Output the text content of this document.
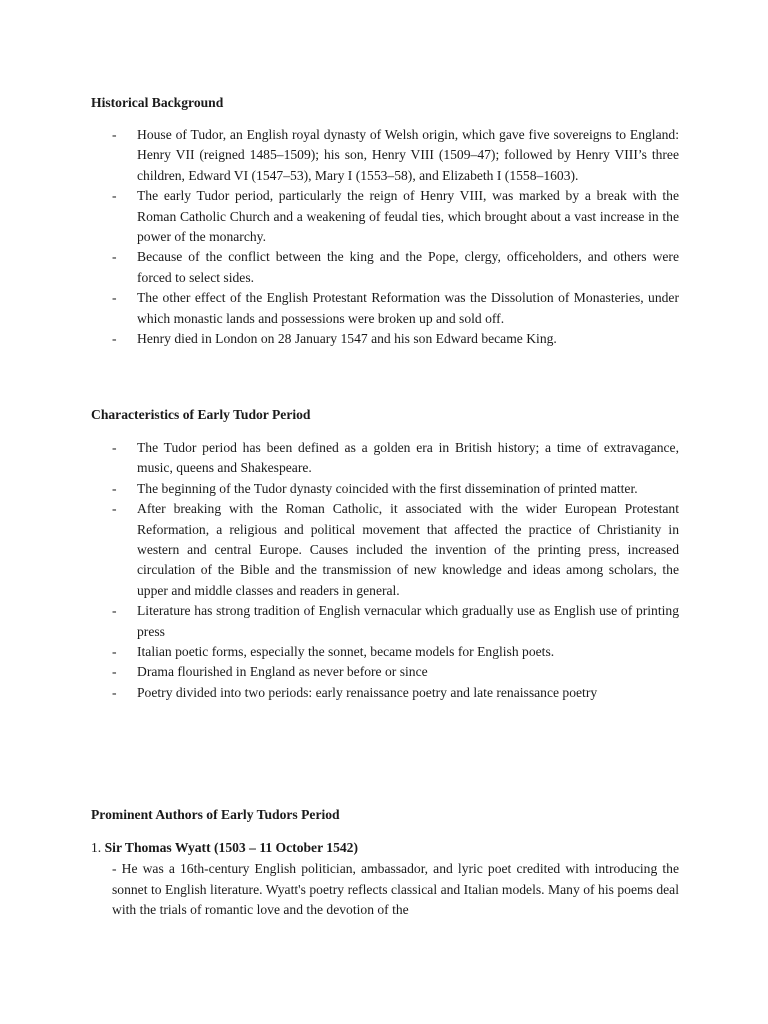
Historical Background
- House of Tudor, an English royal dynasty of Welsh origin, which gave five sovereigns to England: Henry VII (reigned 1485–1509); his son, Henry VIII (1509–47); followed by Henry VIII’s three children, Edward VI (1547–53), Mary I (1553–58), and Elizabeth I (1558–1603).
- The early Tudor period, particularly the reign of Henry VIII, was marked by a break with the Roman Catholic Church and a weakening of feudal ties, which brought about a vast increase in the power of the monarchy.
- Because of the conflict between the king and the Pope, clergy, officeholders, and others were forced to select sides.
- The other effect of the English Protestant Reformation was the Dissolution of Monasteries, under which monastic lands and possessions were broken up and sold off.
- Henry died in London on 28 January 1547 and his son Edward became King.
Characteristics of Early Tudor Period
- The Tudor period has been defined as a golden era in British history; a time of extravagance, music, queens and Shakespeare.
- The beginning of the Tudor dynasty coincided with the first dissemination of printed matter.
- After breaking with the Roman Catholic, it associated with the wider European Protestant Reformation, a religious and political movement that affected the practice of Christianity in western and central Europe. Causes included the invention of the printing press, increased circulation of the Bible and the transmission of new knowledge and ideas among scholars, the upper and middle classes and readers in general.
- Literature has strong tradition of English vernacular which gradually use as English use of printing press
- Italian poetic forms, especially the sonnet, became models for English poets.
- Drama flourished in England as never before or since
- Poetry divided into two periods: early renaissance poetry and late renaissance poetry
Prominent Authors of Early Tudors Period
1. Sir Thomas Wyatt (1503 – 11 October 1542)
- He was a 16th-century English politician, ambassador, and lyric poet credited with introducing the sonnet to English literature. Wyatt's poetry reflects classical and Italian models. Many of his poems deal with the trials of romantic love and the devotion of the
